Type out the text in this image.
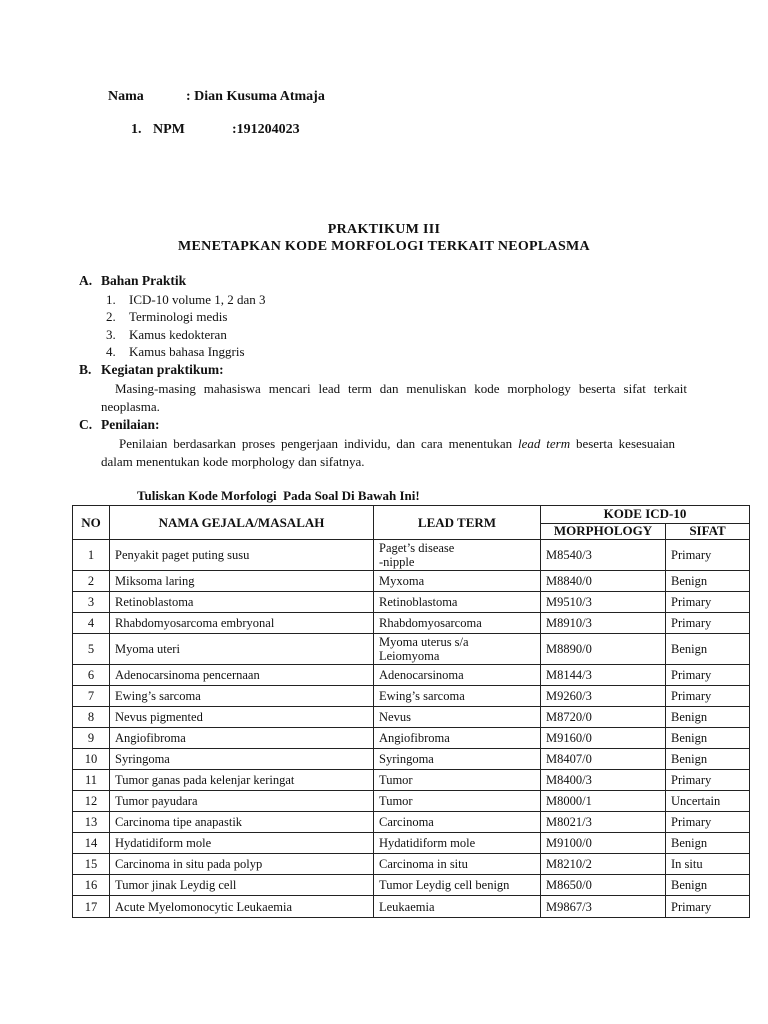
Nama	: Dian Kusuma Atmaja
1. NPM	:191204023
PRAKTIKUM III
MENETAPKAN KODE MORFOLOGI TERKAIT NEOPLASMA
A. Bahan Praktik
1. ICD-10 volume 1, 2 dan 3
2. Terminologi medis
3. Kamus kedokteran
4. Kamus bahasa Inggris
B. Kegiatan praktikum:
Masing-masing mahasiswa mencari lead term dan menuliskan kode morphology beserta sifat terkait neoplasma.
C. Penilaian:
Penilaian berdasarkan proses pengerjaan individu, dan cara menentukan lead term beserta kesesuaian dalam menentukan kode morphology dan sifatnya.
Tuliskan Kode Morfologi  Pada Soal Di Bawah Ini!
NO	NAMA GEJALA/MASALAH	LEAD TERM	KODE ICD-10	
			MORPHOLOGY	SIFAT
1	Penyakit paget puting susu	Paget’s disease
-nipple	M8540/3	Primary
2	Miksoma laring	Myxoma	M8840/0	Benign
3	Retinoblastoma	Retinoblastoma	M9510/3	Primary
4	Rhabdomyosarcoma embryonal	Rhabdomyosarcoma	M8910/3	Primary
5	Myoma uteri	Myoma uterus s/a
Leiomyoma	M8890/0	Benign
6	Adenocarsinoma pencernaan	Adenocarsinoma	M8144/3	Primary
7	Ewing’s sarcoma	Ewing’s sarcoma	M9260/3	Primary
8	Nevus pigmented	Nevus	M8720/0	Benign
9	Angiofibroma	Angiofibroma	M9160/0	Benign
10	Syringoma	Syringoma	M8407/0	Benign
11	Tumor ganas pada kelenjar keringat	Tumor	M8400/3	Primary
12	Tumor payudara	Tumor	M8000/1	Uncertain
13	Carcinoma tipe anapastik	Carcinoma	M8021/3	Primary
14	Hydatidiform mole	Hydatidiform mole	M9100/0	Benign
15	Carcinoma in situ pada polyp	Carcinoma in situ	M8210/2	In situ
16	Tumor jinak Leydig cell	Tumor Leydig cell benign	M8650/0	Benign
17	Acute Myelomonocytic Leukaemia	Leukaemia	M9867/3	Primary
